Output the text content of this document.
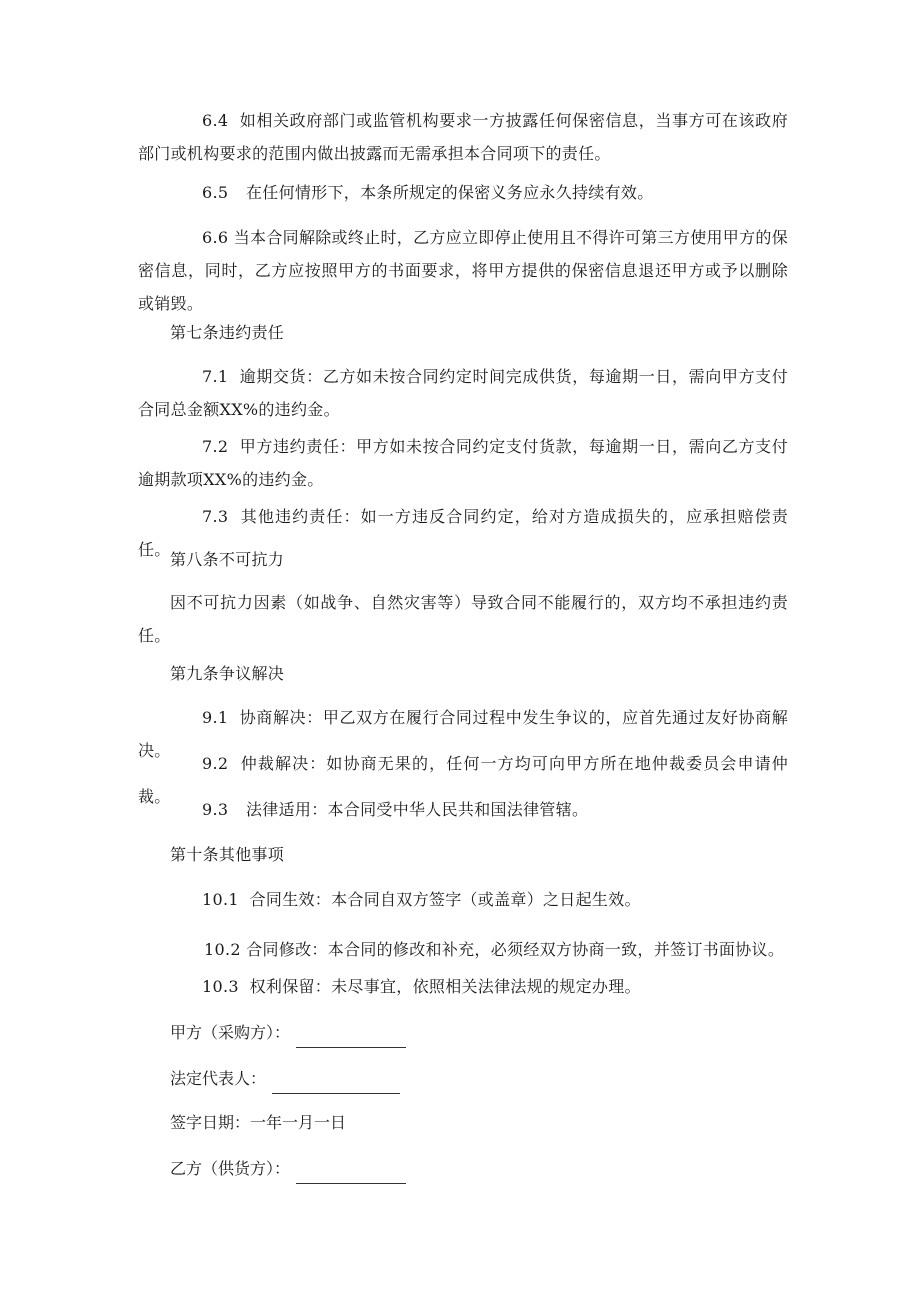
6.4 如相关政府部门或监管机构要求一方披露任何保密信息，当事方可在该政府部门或机构要求的范围内做出披露而无需承担本合同项下的责任。
6.5 在任何情形下，本条所规定的保密义务应永久持续有效。
6.6 当本合同解除或终止时，乙方应立即停止使用且不得许可第三方使用甲方的保密信息，同时，乙方应按照甲方的书面要求，将甲方提供的保密信息退还甲方或予以删除或销毁。
第七条违约责任
7.1 逾期交货：乙方如未按合同约定时间完成供货，每逾期一日，需向甲方支付合同总金额XX%的违约金。
7.2 甲方违约责任：甲方如未按合同约定支付货款，每逾期一日，需向乙方支付逾期款项XX%的违约金。
7.3 其他违约责任：如一方违反合同约定，给对方造成损失的，应承担赔偿责任。
第八条不可抗力
因不可抗力因素（如战争、自然灾害等）导致合同不能履行的，双方均不承担违约责任。
第九条争议解决
9.1 协商解决：甲乙双方在履行合同过程中发生争议的，应首先通过友好协商解决。
9.2 仲裁解决：如协商无果的，任何一方均可向甲方所在地仲裁委员会申请仲裁。
9.3 法律适用：本合同受中华人民共和国法律管辖。
第十条其他事项
10.1 合同生效：本合同自双方签字（或盖章）之日起生效。
10.2 合同修改：本合同的修改和补充，必须经双方协商一致，并签订书面协议。
10.3 权利保留：未尽事宜，依照相关法律法规的规定办理。
甲方（采购方）：
法定代表人：
签字日期：一年一月一日
乙方（供货方）：
